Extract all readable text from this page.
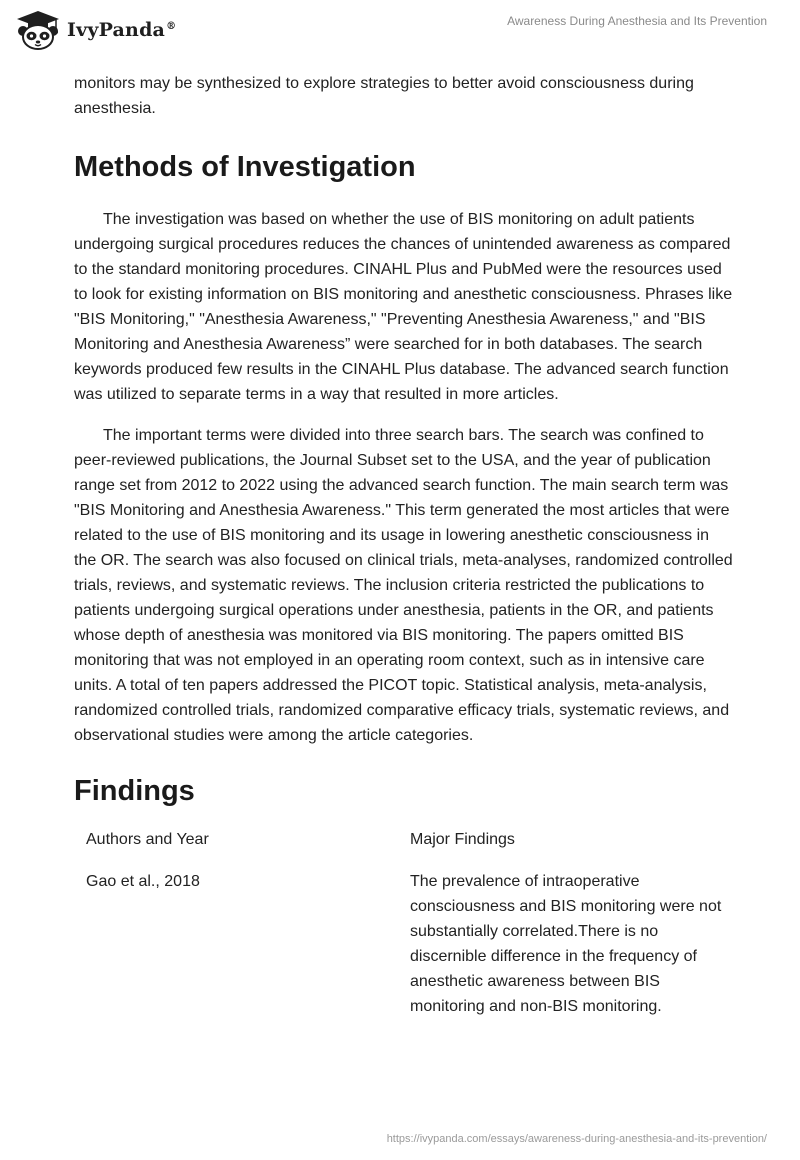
IvyPanda®	Awareness During Anesthesia and Its Prevention

monitors may be synthesized to explore strategies to better avoid consciousness during anesthesia.

Methods of Investigation

The investigation was based on whether the use of BIS monitoring on adult patients undergoing surgical procedures reduces the chances of unintended awareness as compared to the standard monitoring procedures. CINAHL Plus and PubMed were the resources used to look for existing information on BIS monitoring and anesthetic consciousness. Phrases like "BIS Monitoring," "Anesthesia Awareness," "Preventing Anesthesia Awareness," and "BIS Monitoring and Anesthesia Awareness” were searched for in both databases. The search keywords produced few results in the CINAHL Plus database. The advanced search function was utilized to separate terms in a way that resulted in more articles.

The important terms were divided into three search bars. The search was confined to peer-reviewed publications, the Journal Subset set to the USA, and the year of publication range set from 2012 to 2022 using the advanced search function. The main search term was "BIS Monitoring and Anesthesia Awareness." This term generated the most articles that were related to the use of BIS monitoring and its usage in lowering anesthetic consciousness in the OR. The search was also focused on clinical trials, meta-analyses, randomized controlled trials, reviews, and systematic reviews. The inclusion criteria restricted the publications to patients undergoing surgical operations under anesthesia, patients in the OR, and patients whose depth of anesthesia was monitored via BIS monitoring. The papers omitted BIS monitoring that was not employed in an operating room context, such as in intensive care units. A total of ten papers addressed the PICOT topic. Statistical analysis, meta-analysis, randomized controlled trials, randomized comparative efficacy trials, systematic reviews, and observational studies were among the article categories.

Findings
Authors and Year	Major Findings
Gao et al., 2018	The prevalence of intraoperative consciousness and BIS monitoring were not substantially correlated.There is no discernible difference in the frequency of anesthetic awareness between BIS monitoring and non-BIS monitoring.
https://ivypanda.com/essays/awareness-during-anesthesia-and-its-prevention/
